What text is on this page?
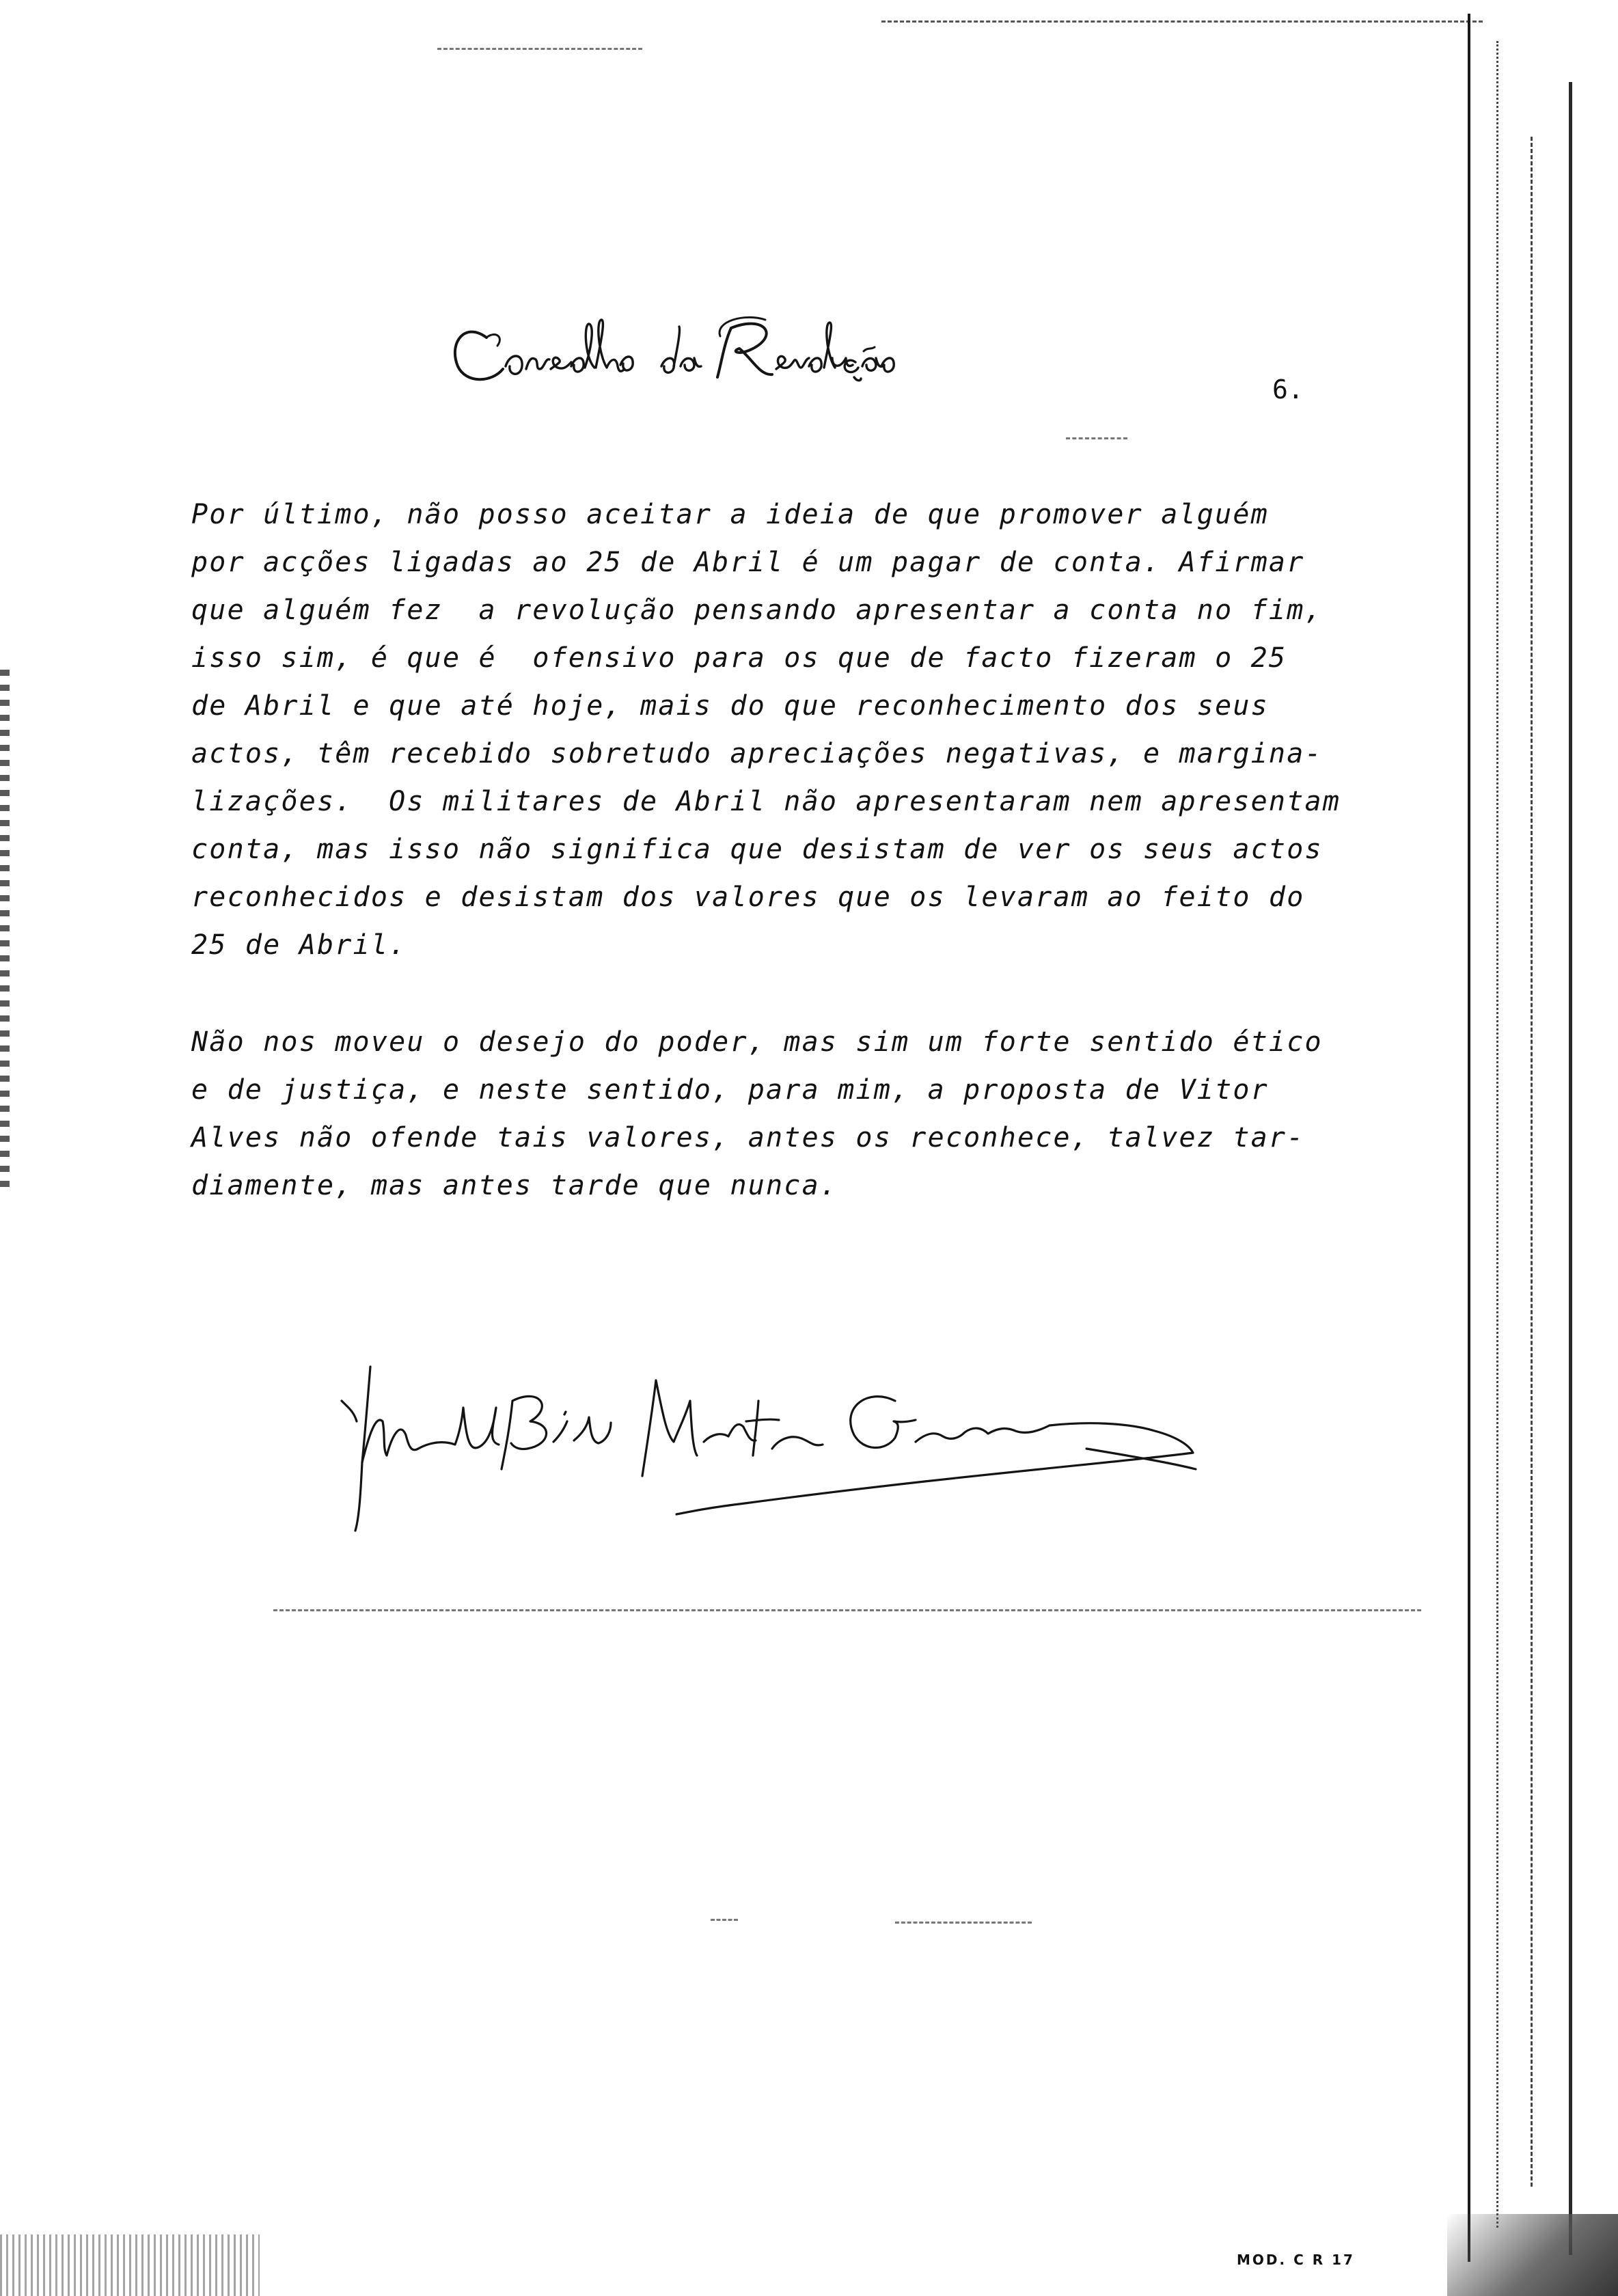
6.

Por último, não posso aceitar a ideia de que promover alguém
por acções ligadas ao 25 de Abril é um pagar de conta. Afirmar
que alguém fez  a revolução pensando apresentar a conta no fim,
isso sim, é que é  ofensivo para os que de facto fizeram o 25
de Abril e que até hoje, mais do que reconhecimento dos seus
actos, têm recebido sobretudo apreciações negativas, e margina-
lizações.  Os militares de Abril não apresentaram nem apresentam
conta, mas isso não significa que desistam de ver os seus actos
reconhecidos e desistam dos valores que os levaram ao feito do
25 de Abril.

Não nos moveu o desejo do poder, mas sim um forte sentido ético
e de justiça, e neste sentido, para mim, a proposta de Vitor
Alves não ofende tais valores, antes os reconhece, talvez tar-
diamente, mas antes tarde que nunca.

MOD. C R 17
